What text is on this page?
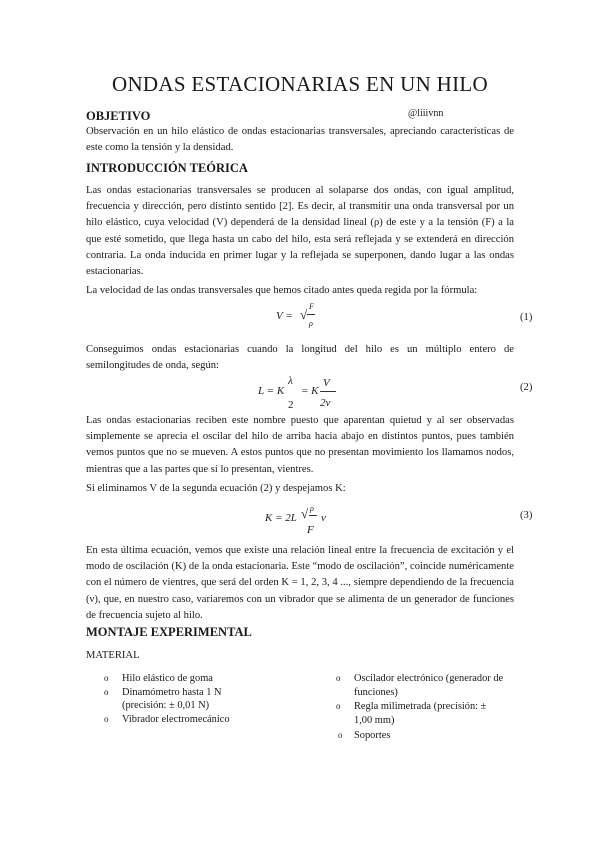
ONDAS ESTACIONARIAS EN UN HILO
OBJETIVO	@liiivnn
Observación en un hilo elástico de ondas estacionarias transversales, apreciando características de este como la tensión y la densidad.
INTRODUCCIÓN TEÓRICA
Las ondas estacionarias transversales se producen al solaparse dos ondas, con igual amplitud, frecuencia y dirección, pero distinto sentido [2]. Es decir, al transmitir una onda transversal por un hilo elástico, cuya velocidad (V) dependerá de la densidad lineal (ρ) de este y a la tensión (F) a la que esté sometido, que llega hasta un cabo del hilo, esta será reflejada y se extenderá en dirección contraria. La onda inducida en primer lugar y la reflejada se superponen, dando lugar a las ondas estacionarias.
La velocidad de las ondas transversales que hemos citado antes queda regida por la fórmula:
V = √
F
ρ
(1)
Conseguimos ondas estacionarias cuando la longitud del hilo es un múltiplo entero de semilongitudes de onda, según:
L = K
λ
2
= K
V
2ν
(2)
Las ondas estacionarias reciben este nombre puesto que aparentan quietud y al ser observadas simplemente se aprecia el oscilar del hilo de arriba hacia abajo en distintos puntos, pues también vemos puntos que no se mueven. A estos puntos que no presentan movimiento los llamamos nodos, mientras que a las partes que sí lo presentan, vientres.
Si eliminamos V de la segunda ecuación (2) y despejamos K:
K = 2L √ ρ
F
ν	(3)
En esta última ecuación, vemos que existe una relación lineal entre la frecuencia de excitación y el modo de oscilación (K) de la onda estacionaria. Este “modo de oscilación”, coincide numéricamente con el número de vientres, que será del orden K = 1, 2, 3, 4 ..., siempre dependiendo de la frecuencia (ν), que, en nuestro caso, variaremos con un vibrador que se alimenta de un generador de funciones de frecuencia sujeto al hilo.
MONTAJE EXPERIMENTAL
MATERIAL
o Hilo elástico de goma
o Dinamómetro hasta 1 N (precisión: ± 0,01 N)
o Vibrador electromecánico
o Oscilador electrónico (generador de funciones)
o Regla milimetrada (precisión: ± 1,00 mm)
o Soportes
